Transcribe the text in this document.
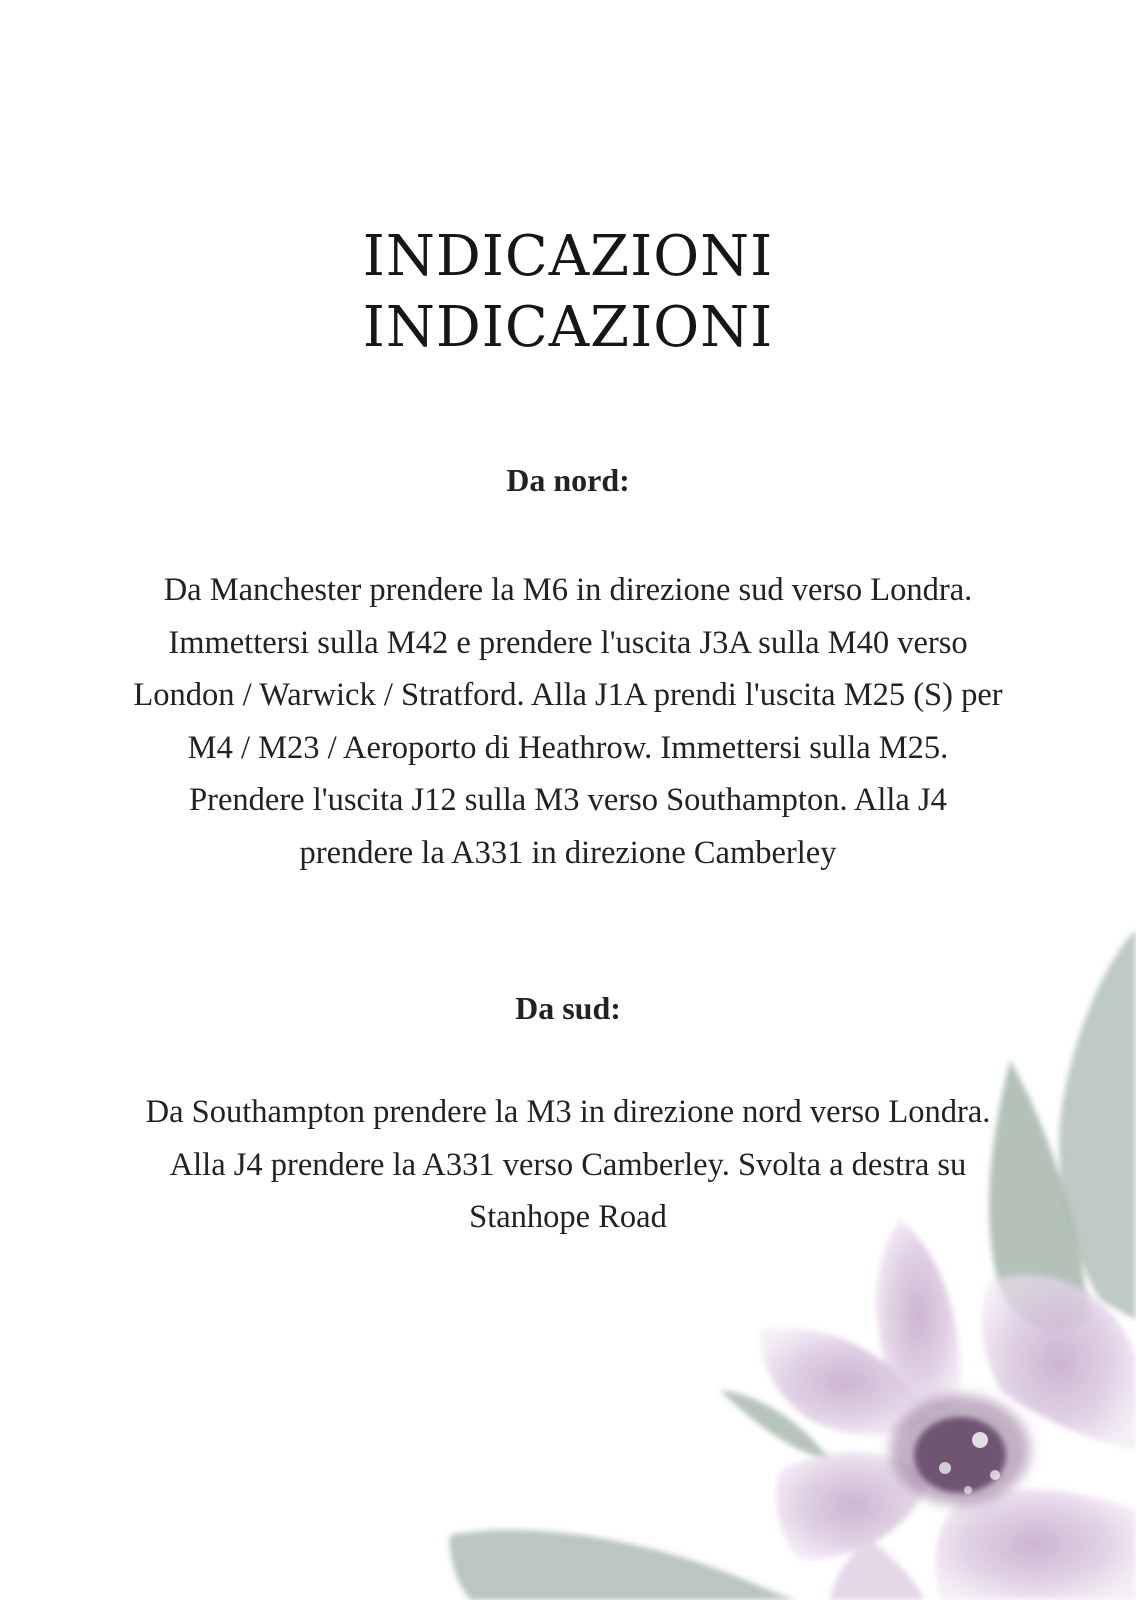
INDICAZIONI
INDICAZIONI
Da nord:

Da Manchester prendere la M6 in direzione sud verso Londra. Immettersi sulla M42 e prendere l'uscita J3A sulla M40 verso London / Warwick / Stratford. Alla J1A prendi l'uscita M25 (S) per M4 / M23 / Aeroporto di Heathrow. Immettersi sulla M25. Prendere l'uscita J12 sulla M3 verso Southampton. Alla J4 prendere la A331 in direzione Camberley

Da sud:

Da Southampton prendere la M3 in direzione nord verso Londra. Alla J4 prendere la A331 verso Camberley. Svolta a destra su Stanhope Road
